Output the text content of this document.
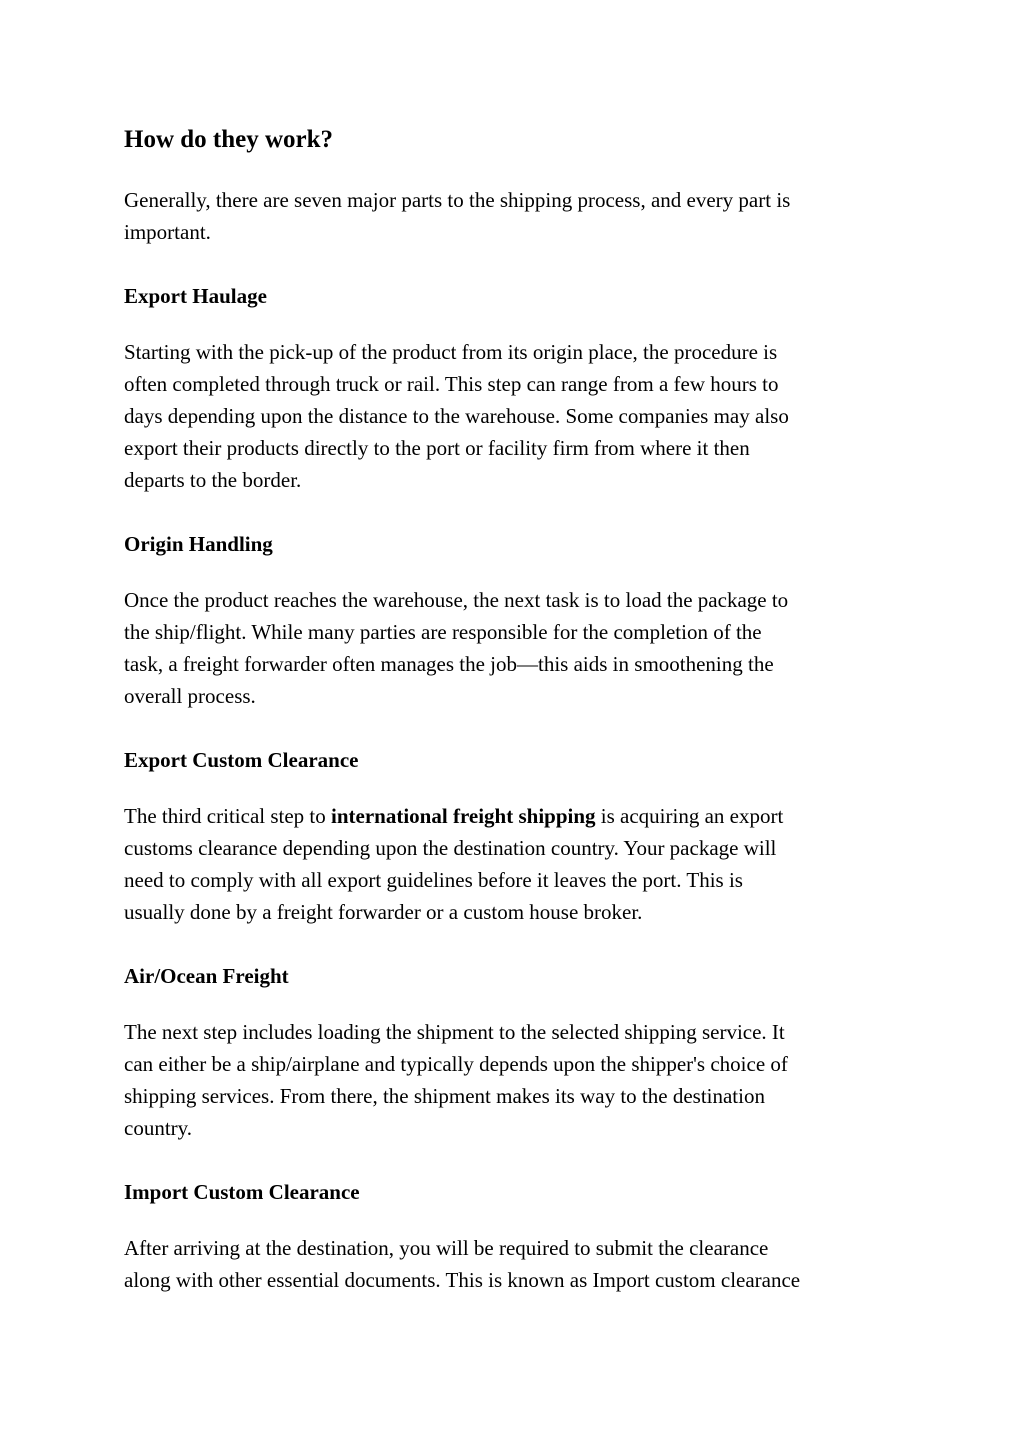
How do they work?

Generally, there are seven major parts to the shipping process, and every part is
important.

Export Haulage

Starting with the pick-up of the product from its origin place, the procedure is
often completed through truck or rail. This step can range from a few hours to
days depending upon the distance to the warehouse. Some companies may also
export their products directly to the port or facility firm from where it then
departs to the border.

Origin Handling

Once the product reaches the warehouse, the next task is to load the package to
the ship/flight. While many parties are responsible for the completion of the
task, a freight forwarder often manages the job—this aids in smoothening the
overall process.

Export Custom Clearance

The third critical step to international freight shipping is acquiring an export
customs clearance depending upon the destination country. Your package will
need to comply with all export guidelines before it leaves the port. This is
usually done by a freight forwarder or a custom house broker.

Air/Ocean Freight

The next step includes loading the shipment to the selected shipping service. It
can either be a ship/airplane and typically depends upon the shipper's choice of
shipping services. From there, the shipment makes its way to the destination
country.

Import Custom Clearance

After arriving at the destination, you will be required to submit the clearance
along with other essential documents. This is known as Import custom clearance
